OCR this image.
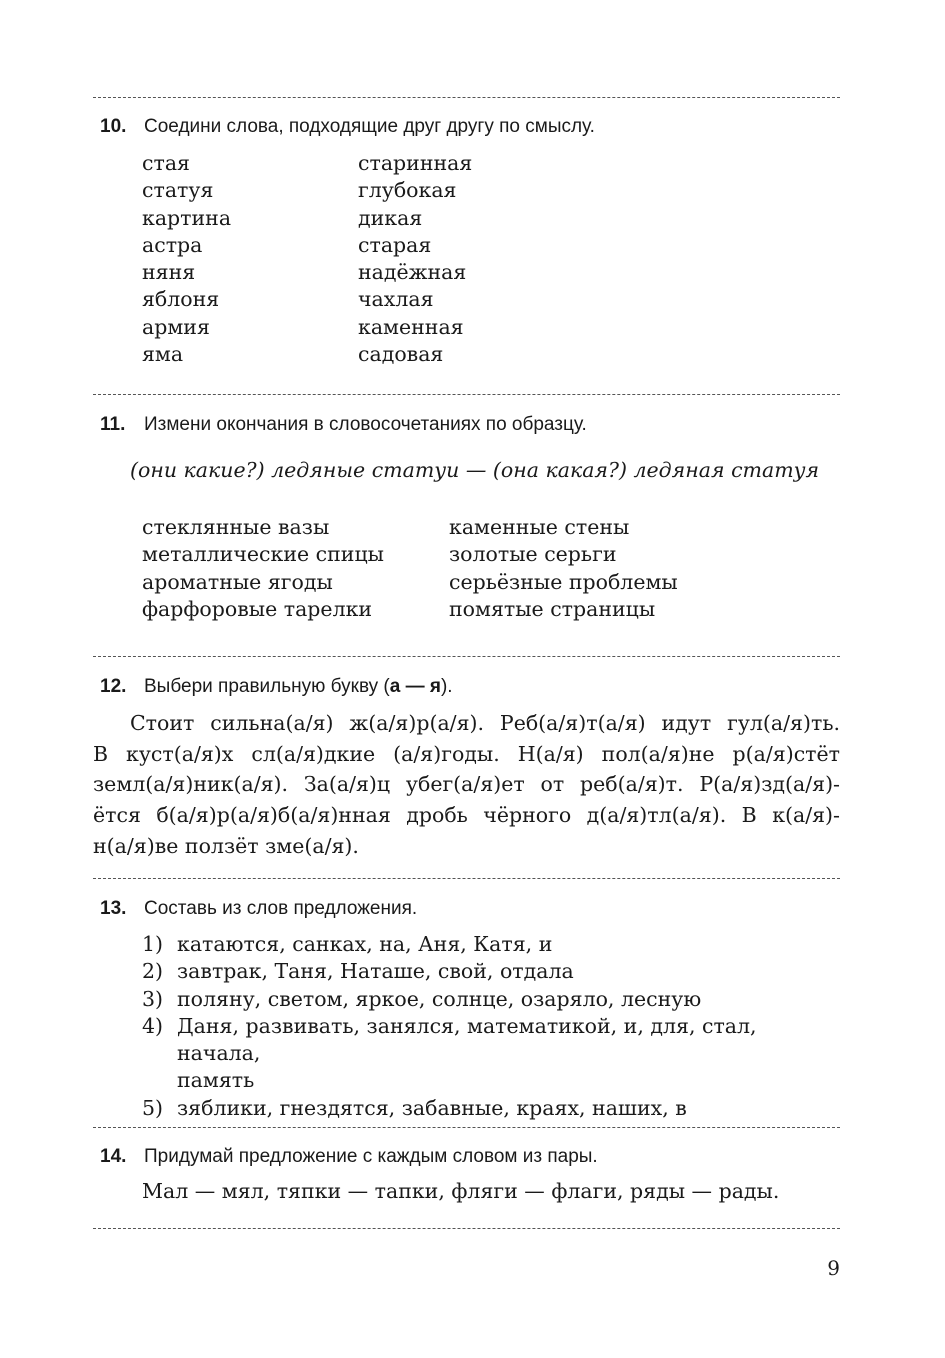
10. Соедини слова, подходящие друг другу по смыслу.
стая
статуя
картина
астра
няня
яблоня
армия
яма
старинная
глубокая
дикая
старая
надёжная
чахлая
каменная
садовая
11. Измени окончания в словосочетаниях по образцу.
(они какие?) ледяные статуи — (она какая?) ледяная статуя
стеклянные вазы
металлические спицы
ароматные ягоды
фарфоровые тарелки
каменные стены
золотые серьги
серьёзные проблемы
помятые страницы
12. Выбери правильную букву (а — я).
Стоит сильна(а/я) ж(а/я)р(а/я). Реб(а/я)т(а/я) идут гул(а/я)ть.
В куст(а/я)х сл(а/я)дкие (а/я)годы. Н(а/я) пол(а/я)не р(а/я)стёт
земл(а/я)ник(а/я). За(а/я)ц убег(а/я)ет от реб(а/я)т. Р(а/я)зд(а/я)-
ётся б(а/я)р(а/я)б(а/я)нная дробь чёрного д(а/я)тл(а/я). В к(а/я)-
н(а/я)ве ползёт зме(а/я).
13. Составь из слов предложения.
1) катаются, санках, на, Аня, Катя, и
2) завтрак, Таня, Наташе, свой, отдала
3) поляну, светом, яркое, солнце, озаряло, лесную
4) Даня, развивать, занялся, математикой, и, для, стал, начала,
память
5) зяблики, гнездятся, забавные, краях, наших, в
14. Придумай предложение с каждым словом из пары.
Мал — мял, тяпки — тапки, фляги — флаги, ряды — рады.
9
